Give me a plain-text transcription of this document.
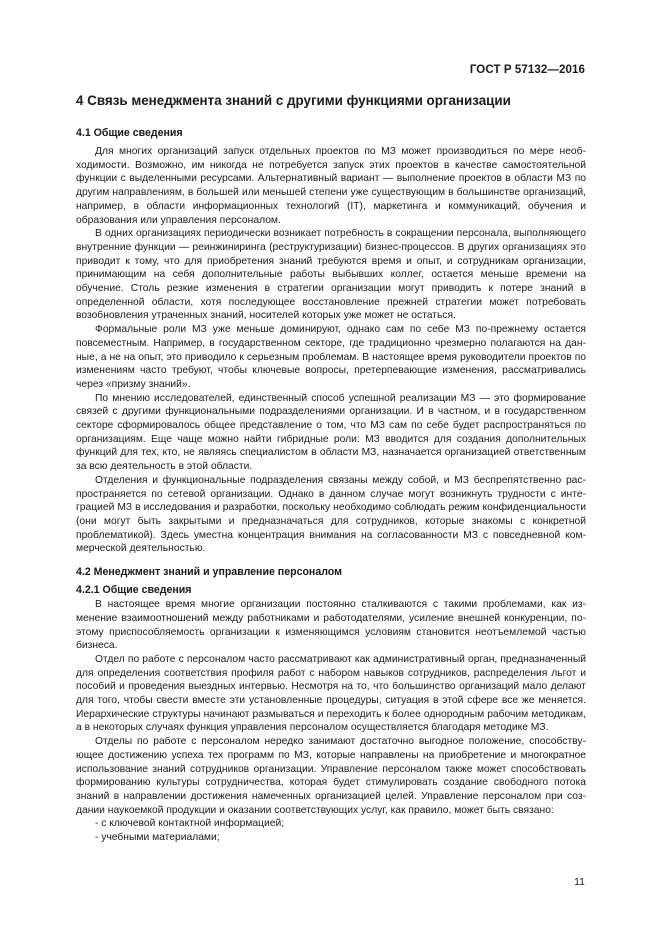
ГОСТ Р 57132—2016
4 Связь менеджмента знаний с другими функциями организации
4.1 Общие сведения

Для многих организаций запуск отдельных проектов по МЗ может производиться по мере необходимости. Возможно, им никогда не потребуется запуск этих проектов в качестве самостоятельной функции с выделенными ресурсами. Альтернативный вариант — выполнение проектов в области МЗ по другим направлениям, в большей или меньшей степени уже существующим в большинстве организаций, например, в области информационных технологий (IT), маркетинга и коммуникаций, обучения и образования или управления персоналом.

В одних организациях периодически возникает потребность в сокращении персонала, выполняющего внутренние функции — реинжиниринга (реструктуризации) бизнес-процессов. В других организациях это приводит к тому, что для приобретения знаний требуются время и опыт, и сотрудникам организации, принимающим на себя дополнительные работы выбывших коллег, остается меньше времени на обучение. Столь резкие изменения в стратегии организации могут приводить к потере знаний в определенной области, хотя последующее восстановление прежней стратегии может потребовать возобновления утраченных знаний, носителей которых уже может не остаться.

Формальные роли МЗ уже меньше доминируют, однако сам по себе МЗ по-прежнему остается повсеместным. Например, в государственном секторе, где традиционно чрезмерно полагаются на данные, а не на опыт, это приводило к серьезным проблемам. В настоящее время руководители проектов по изменениям часто требуют, чтобы ключевые вопросы, претерпевающие изменения, рассматривались через «призму знаний».

По мнению исследователей, единственный способ успешной реализации МЗ — это формирование связей с другими функциональными подразделениями организации. И в частном, и в государственном секторе сформировалось общее представление о том, что МЗ сам по себе будет распространяться по организациям. Еще чаще можно найти гибридные роли: МЗ вводится для создания дополнительных функций для тех, кто, не являясь специалистом в области МЗ, назначается организацией ответственным за всю деятельность в этой области.

Отделения и функциональные подразделения связаны между собой, и МЗ беспрепятственно распространяется по сетевой организации. Однако в данном случае могут возникнуть трудности с интеграцией МЗ в исследования и разработки, поскольку необходимо соблюдать режим конфиденциальности (они могут быть закрытыми и предназначаться для сотрудников, которые знакомы с конкретной проблематикой). Здесь уместна концентрация внимания на согласованности МЗ с повседневной коммерческой деятельностью.

4.2 Менеджмент знаний и управление персоналом
4.2.1 Общие сведения

В настоящее время многие организации постоянно сталкиваются с такими проблемами, как изменение взаимоотношений между работниками и работодателями, усиление внешней конкуренции, поэтому приспособляемость организации к изменяющимся условиям становится неотъемлемой частью бизнеса.

Отдел по работе с персоналом часто рассматривают как административный орган, предназначенный для определения соответствия профиля работ с набором навыков сотрудников, распределения льгот и пособий и проведения выездных интервью. Несмотря на то, что большинство организаций мало делают для того, чтобы свести вместе эти установленные процедуры, ситуация в этой сфере все же меняется. Иерархические структуры начинают размываться и переходить к более однородным рабочим методикам, а в некоторых случаях функция управления персоналом осуществляется благодаря методике МЗ.

Отделы по работе с персоналом нередко занимают достаточно выгодное положение, способствующее достижению успеха тех программ по МЗ, которые направлены на приобретение и многократное использование знаний сотрудников организации. Управление персоналом также может способствовать формированию культуры сотрудничества, которая будет стимулировать создание свободного потока знаний в направлении достижения намеченных организацией целей. Управление персоналом при создании наукоемкой продукции и оказании соответствующих услуг, как правило, может быть связано:

- с ключевой контактной информацией;
- учебными материалами;
11
